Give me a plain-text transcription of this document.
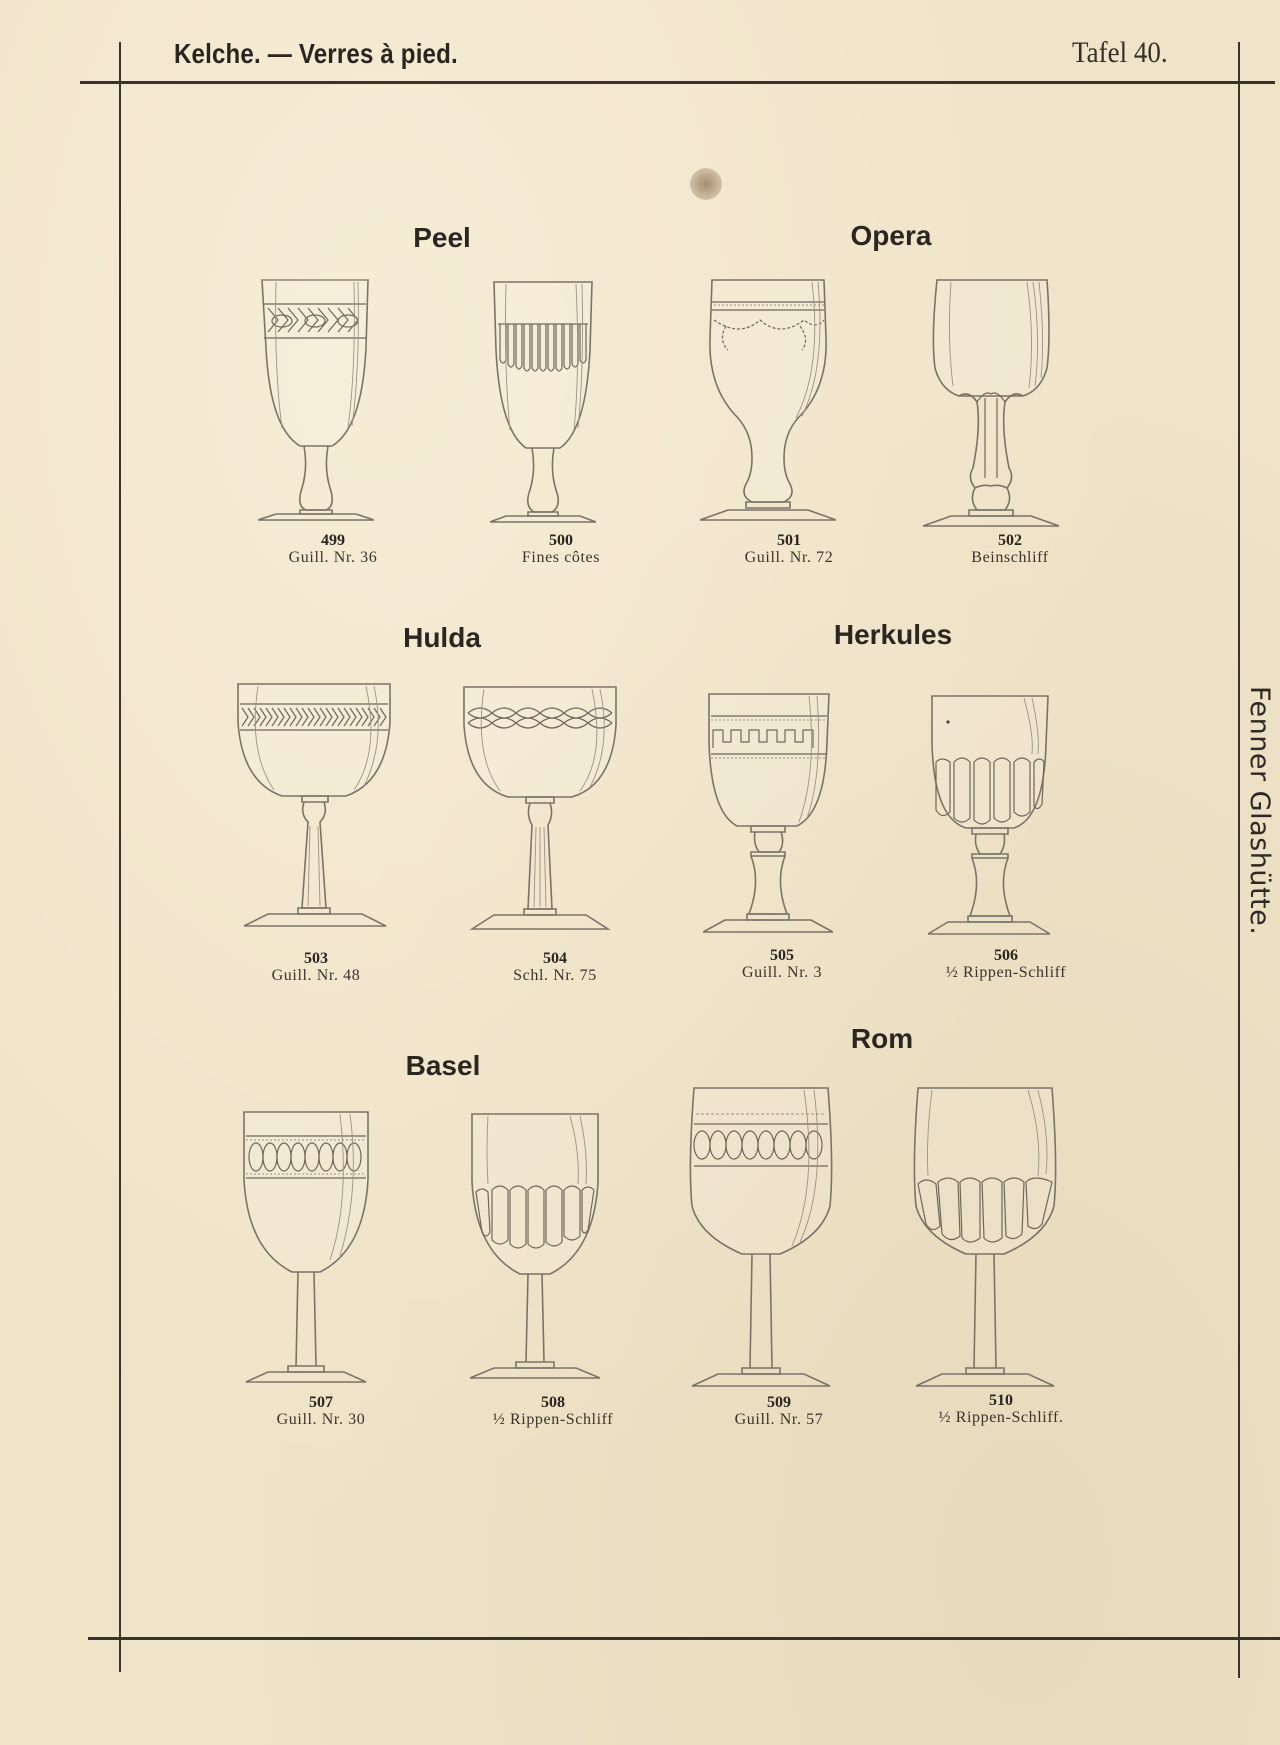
Kelche. — Verres à pied.	Tafel 40.
Fenner Glashütte.
Peel	Opera
Hulda	Herkules
Basel
Rom
499
Guill. Nr. 36
500
Fines côtes
501
Guill. Nr. 72
502
Beinschliff
503
Guill. Nr. 48
504
Schl. Nr. 75
505
Guill. Nr. 3
506
½ Rippen-Schliff
507
Guill. Nr. 30
508
½ Rippen-Schliff
509
Guill. Nr. 57
510
½ Rippen-Schliff.
